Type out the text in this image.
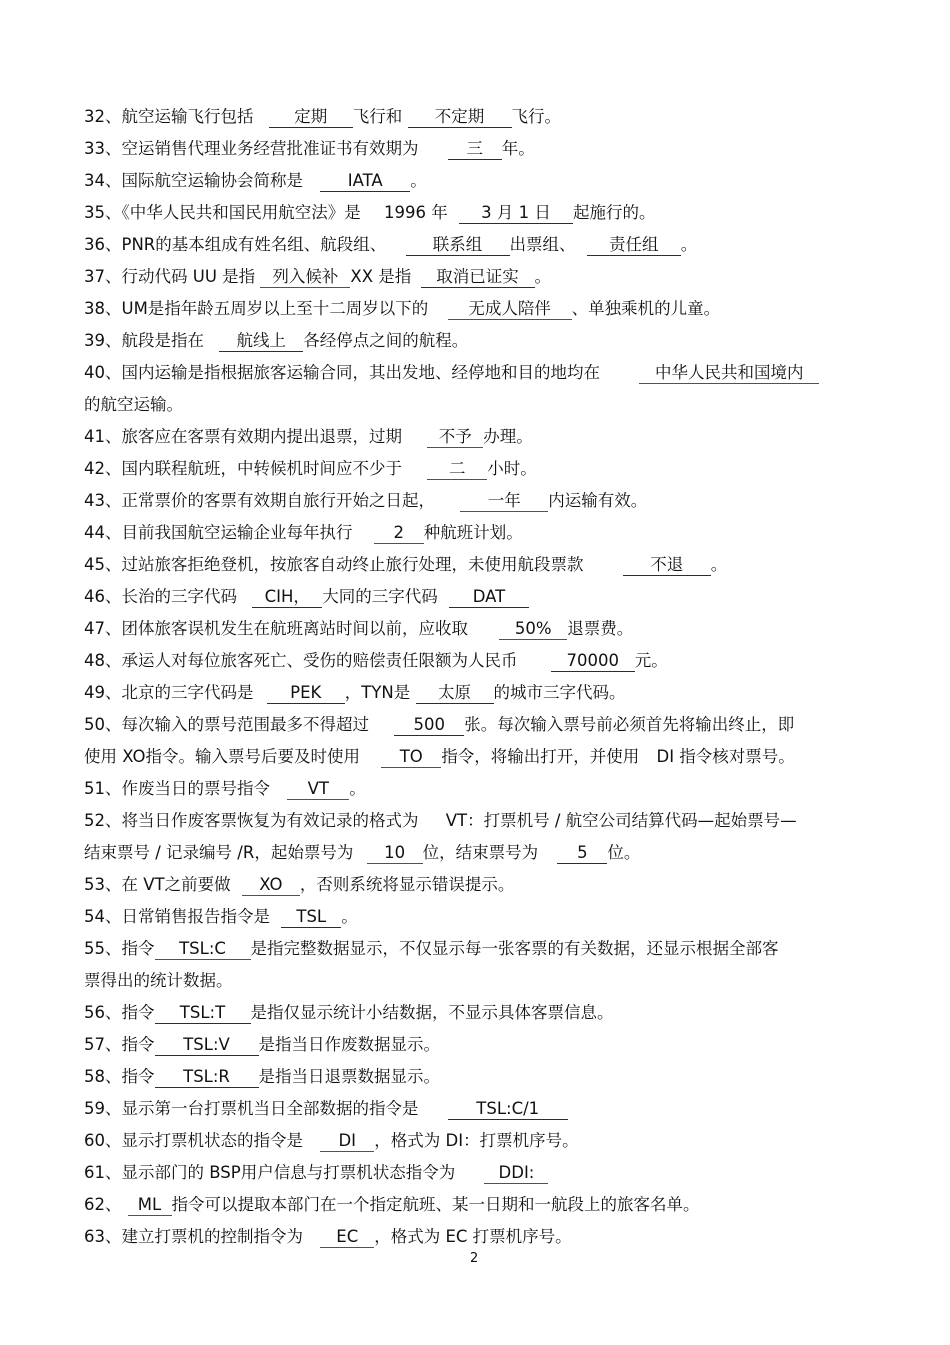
32、航空运输飞行包括 定期 飞行和 不定期 飞行。
33、空运销售代理业务经营批准证书有效期为	三 年。
34、国际航空运输协会简称是	IATA 。
35、《中华人民共和国民用航空法》是 1996 年 3 月 1 日 起施行的。
36、PNR的基本组成有姓名组、航段组、	联系组 出票组、 责任组 。
37、行动代码 UU 是指 列入候补 XX 是指 取消已证实 。
38、UM是指年龄五周岁以上至十二周岁以下的 无成人陪伴 、单独乘机的儿童。
39、航段是指在 航线上 各经停点之间的航程。
40、国内运输是指根据旅客运输合同，其出发地、经停地和目的地均在	中华人民共和国境内
的航空运输。
41、旅客应在客票有效期内提出退票，过期 不予 办理。
42、国内联程航班，中转候机时间应不少于	二 小时。
43、正常票价的客票有效期自旅行开始之日起，	一年 内运输有效。
44、目前我国航空运输企业每年执行 2 种航班计划。
45、过站旅客拒绝登机，按旅客自动终止旅行处理，未使用航段票款	不退 。
46、长治的三字代码 CIH， 大同的三字代码 DAT
47、团体旅客误机发生在航班离站时间以前，应收取	50% 退票费。
48、承运人对每位旅客死亡、受伤的赔偿责任限额为人民币	70000 元。
49、北京的三字代码是 PEK ，TYN是 太原 的城市三字代码。
50、每次输入的票号范围最多不得超过	500 张。每次输入票号前必须首先将输出终止，即
使用 XO指令。输入票号后要及时使用 TO 指令，将输出打开，并使用 DI 指令核对票号。
51、作废当日的票号指令 VT 。
52、将当日作废客票恢复为有效记录的格式为 VT：打票机号 / 航空公司结算代码—起始票号—
结束票号 / 记录编号 /R，起始票号为 10 位，结束票号为 5 位。
53、在 VT之前要做 XO ，否则系统将显示错误提示。
54、日常销售报告指令是 TSL 。
55、指令 TSL:C 是指完整数据显示，不仅显示每一张客票的有关数据，还显示根据全部客
票得出的统计数据。
56、指令 TSL:T 是指仅显示统计小结数据，不显示具体客票信息。
57、指令 TSL:V 是指当日作废数据显示。
58、指令 TSL:R 是指当日退票数据显示。
59、显示第一台打票机当日全部数据的指令是	TSL:C/1
60、显示打票机状态的指令是 DI ，格式为 DI：打票机序号。
61、显示部门的 BSP用户信息与打票机状态指令为	DDI:
62、 ML 指令可以提取本部门在一个指定航班、某一日期和一航段上的旅客名单。
63、建立打票机的控制指令为 EC ，格式为 EC 打票机序号。
2
